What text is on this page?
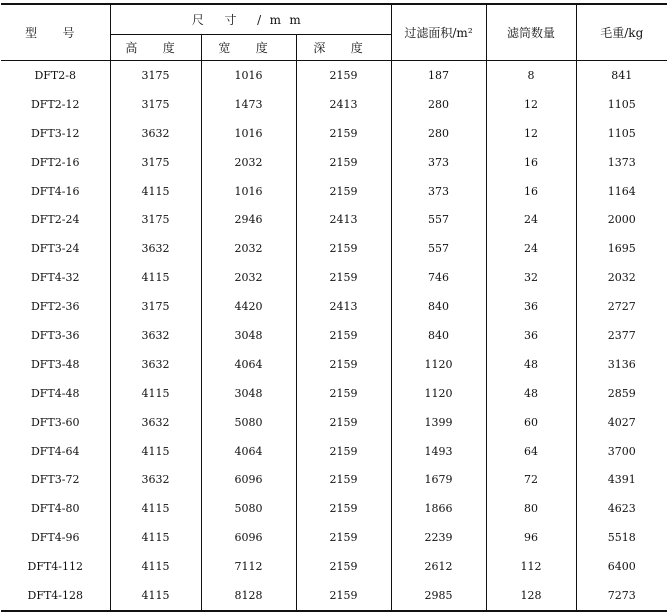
型 号	尺 寸 /mm			过滤面积/m²	滤筒数量	毛重/kg
	高 度	宽 度	深 度			
DFT2-8	3175	1016	2159	187	8	841
DFT2-12	3175	1473	2413	280	12	1105
DFT3-12	3632	1016	2159	280	12	1105
DFT2-16	3175	2032	2159	373	16	1373
DFT4-16	4115	1016	2159	373	16	1164
DFT2-24	3175	2946	2413	557	24	2000
DFT3-24	3632	2032	2159	557	24	1695
DFT4-32	4115	2032	2159	746	32	2032
DFT2-36	3175	4420	2413	840	36	2727
DFT3-36	3632	3048	2159	840	36	2377
DFT3-48	3632	4064	2159	1120	48	3136
DFT4-48	4115	3048	2159	1120	48	2859
DFT3-60	3632	5080	2159	1399	60	4027
DFT4-64	4115	4064	2159	1493	64	3700
DFT3-72	3632	6096	2159	1679	72	4391
DFT4-80	4115	5080	2159	1866	80	4623
DFT4-96	4115	6096	2159	2239	96	5518
DFT4-112	4115	7112	2159	2612	112	6400
DFT4-128	4115	8128	2159	2985	128	7273
